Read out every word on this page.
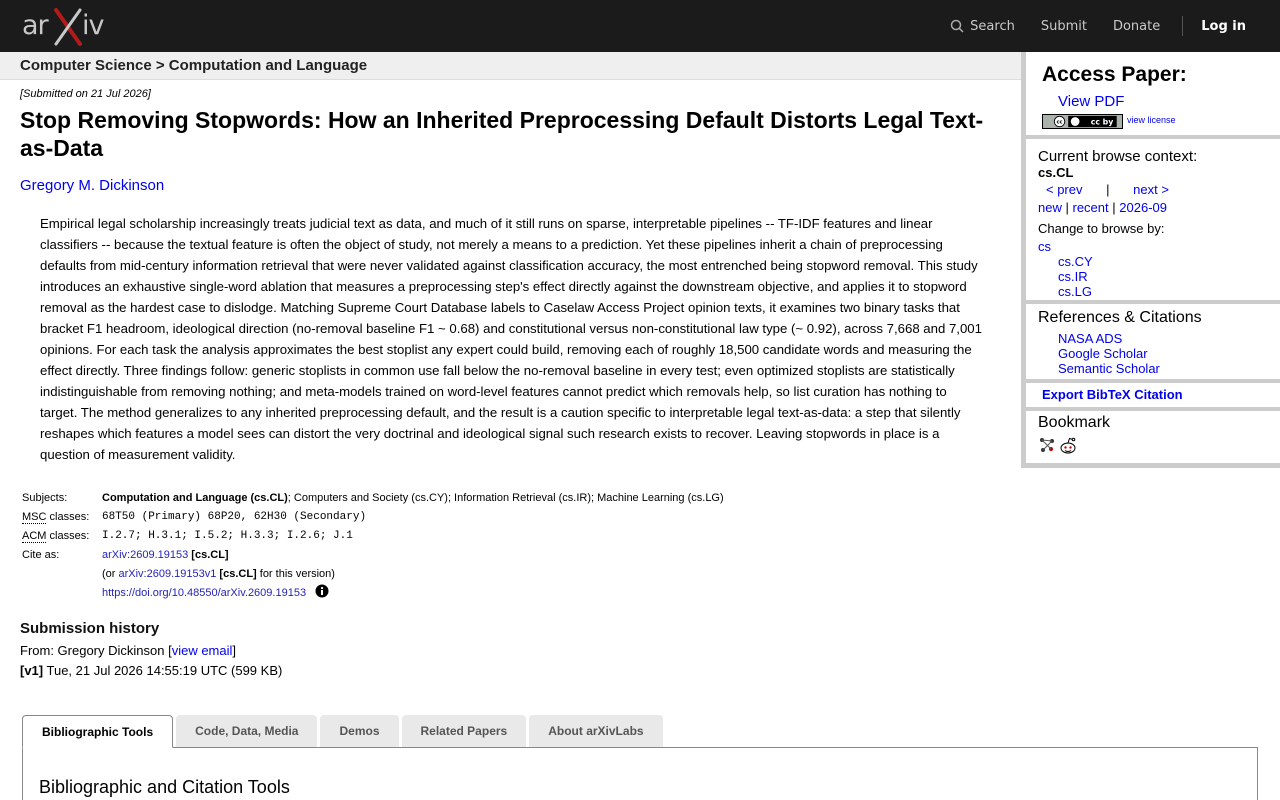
ar iv	Search Submit Donate	Log in
Computer Science > Computation and Language
[Submitted on 21 Jul 2026]
Stop Removing Stopwords: How an Inherited Preprocessing Default Distorts Legal Text-as-Data
Gregory M. Dickinson
Empirical legal scholarship increasingly treats judicial text as data, and much of it still runs on sparse, interpretable pipelines -- TF-IDF features and linear classifiers -- because the textual feature is often the object of study, not merely a means to a prediction. Yet these pipelines inherit a chain of preprocessing defaults from mid-century information retrieval that were never validated against classification accuracy, the most entrenched being stopword removal. This study introduces an exhaustive single-word ablation that measures a preprocessing step's effect directly against the downstream objective, and applies it to stopword removal as the hardest case to dislodge. Matching Supreme Court Database labels to Caselaw Access Project opinion texts, it examines two binary tasks that bracket F1 headroom, ideological direction (no-removal baseline F1 ~ 0.68) and constitutional versus non-constitutional law type (~ 0.92), across 7,668 and 7,001 opinions. For each task the analysis approximates the best stoplist any expert could build, removing each of roughly 18,500 candidate words and measuring the effect directly. Three findings follow: generic stoplists in common use fall below the no-removal baseline in every test; even optimized stoplists are statistically indistinguishable from removing nothing; and meta-models trained on word-level features cannot predict which removals help, so list curation has nothing to target. The method generalizes to any inherited preprocessing default, and the result is a caution specific to interpretable legal text-as-data: a step that silently reshapes which features a model sees can distort the very doctrinal and ideological signal such research exists to recover. Leaving stopwords in place is a question of measurement validity.
Subjects:	Computation and Language (cs.CL); Computers and Society (cs.CY); Information Retrieval (cs.IR); Machine Learning (cs.LG)
MSC classes:	68T50 (Primary) 68P20, 62H30 (Secondary)
ACM classes:	I.2.7; H.3.1; I.5.2; H.3.3; I.2.6; J.1
Cite as:	arXiv:2609.19153 [cs.CL]
	(or arXiv:2609.19153v1 [cs.CL] for this version)
	https://doi.org/10.48550/arXiv.2609.19153
Submission history
From: Gregory Dickinson [view email]
[v1] Tue, 21 Jul 2026 14:55:19 UTC (599 KB)
Bibliographic Tools	Code, Data, Media	Demos	Related Papers	About arXivLabs
Bibliographic and Citation Tools
Access Paper:
View PDF
cc	cc by view license
Current browse context:
cs.CL
< prev | next >
new | recent | 2026-09
Change to browse by:
cs
cs.CY
cs.IR
cs.LG
References & Citations
NASA ADS
Google Scholar
Semantic Scholar
Export BibTeX Citation
Bookmark
